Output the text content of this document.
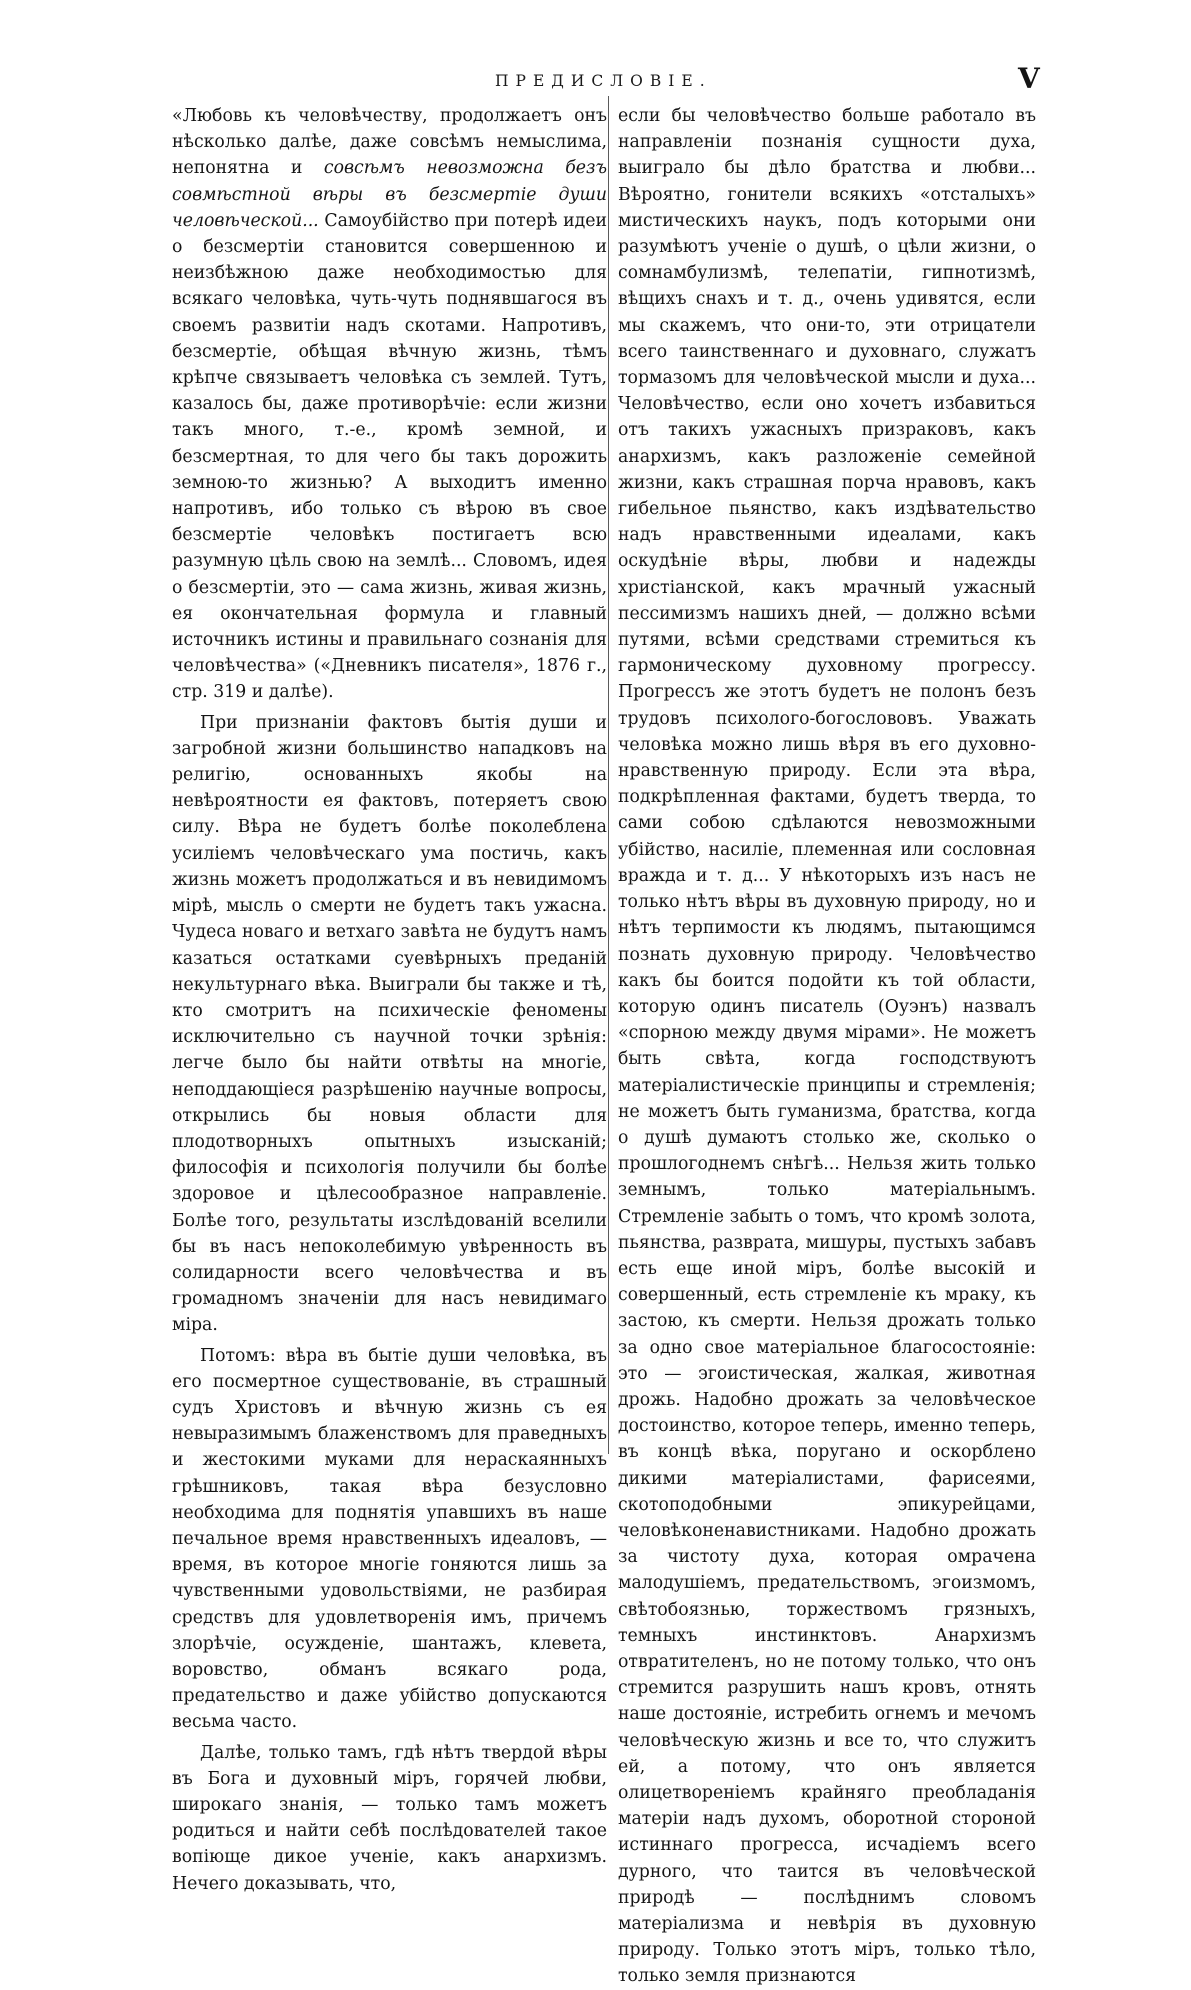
ПРЕДИСЛОВІЕ.	V

«Любовь къ человѣчеству, продолжаетъ онъ нѣсколько далѣе, даже совсѣмъ немыслима, непонятна и совсѣмъ невозможна безъ совмѣстной вѣры въ безсмертіе души человѣческой... Самоубійство при потерѣ идеи о безсмертіи становится совершенною и неизбѣжною даже необходимостью для всякаго человѣка, чуть-чуть поднявшагося въ своемъ развитіи надъ скотами. Напротивъ, безсмертіе, обѣщая вѣчную жизнь, тѣмъ крѣпче связываетъ человѣка съ землей. Тутъ, казалось бы, даже противорѣчіе: если жизни такъ много, т.-е., кромѣ земной, и безсмертная, то для чего бы такъ дорожить земною-то жизнью? А выходитъ именно напротивъ, ибо только съ вѣрою въ свое безсмертіе человѣкъ постигаетъ всю разумную цѣль свою на землѣ... Словомъ, идея о безсмертіи, это — сама жизнь, живая жизнь, ея окончательная формула и главный источникъ истины и правильнаго сознанія для человѣчества» («Дневникъ писателя», 1876 г., стр. 319 и далѣе).

При признаніи фактовъ бытія души и загробной жизни большинство нападковъ на религію, основанныхъ якобы на невѣроятности ея фактовъ, потеряетъ свою силу. Вѣра не будетъ болѣе поколеблена усиліемъ человѣческаго ума постичь, какъ жизнь можетъ продолжаться и въ невидимомъ мірѣ, мысль о смерти не будетъ такъ ужасна. Чудеса новаго и ветхаго завѣта не будутъ намъ казаться остатками суевѣрныхъ преданій некультурнаго вѣка. Выиграли бы также и тѣ, кто смотритъ на психическіе феномены исключительно съ научной точки зрѣнія: легче было бы найти отвѣты на многіе, неподдающіеся разрѣшенію научные вопросы, открылись бы новыя области для плодотворныхъ опытныхъ изысканій; философія и психологія получили бы болѣе здоровое и цѣлесообразное направленіе. Болѣе того, результаты изслѣдованій вселили бы въ насъ непоколебимую увѣренность въ солидарности всего человѣчества и въ громадномъ значеніи для насъ невидимаго міра.

Потомъ: вѣра въ бытіе души человѣка, въ его посмертное существованіе, въ страшный судъ Христовъ и вѣчную жизнь съ ея невыразимымъ блаженствомъ для праведныхъ и жестокими муками для нераскаянныхъ грѣшниковъ, такая вѣра безусловно необходима для поднятія упавшихъ въ наше печальное время нравственныхъ идеаловъ, — время, въ которое многіе гоняются лишь за чувственными удовольствіями, не разбирая средствъ для удовлетворенія имъ, причемъ злорѣчіе, осужденіе, шантажъ, клевета, воровство, обманъ всякаго рода, предательство и даже убійство допускаются весьма часто.

Далѣе, только тамъ, гдѣ нѣтъ твердой вѣры въ Бога и духовный міръ, горячей любви, широкаго знанія, — только тамъ можетъ родиться и найти себѣ послѣдователей такое вопіюще дикое ученіе, какъ анархизмъ. Нечего доказывать, что,

если бы человѣчество больше работало въ направленіи познанія сущности духа, выиграло бы дѣло братства и любви... Вѣроятно, гонители всякихъ «отсталыхъ» мистическихъ наукъ, подъ которыми они разумѣютъ ученіе о душѣ, о цѣли жизни, о сомнамбулизмѣ, телепатіи, гипнотизмѣ, вѣщихъ снахъ и т. д., очень удивятся, если мы скажемъ, что они-то, эти отрицатели всего таинственнаго и духовнаго, служатъ тормазомъ для человѣческой мысли и духа... Человѣчество, если оно хочетъ избавиться отъ такихъ ужасныхъ призраковъ, какъ анархизмъ, какъ разложеніе семейной жизни, какъ страшная порча нравовъ, какъ гибельное пьянство, какъ издѣвательство надъ нравственными идеалами, какъ оскудѣніе вѣры, любви и надежды христіанской, какъ мрачный ужасный пессимизмъ нашихъ дней, — должно всѣми путями, всѣми средствами стремиться къ гармоническому духовному прогрессу. Прогрессъ же этотъ будетъ не полонъ безъ трудовъ психолого-богослововъ. Уважать человѣка можно лишь вѣря въ его духовно-нравственную природу. Если эта вѣра, подкрѣпленная фактами, будетъ тверда, то сами собою сдѣлаются невозможными убійство, насиліе, племенная или сословная вражда и т. д... У нѣкоторыхъ изъ насъ не только нѣтъ вѣры въ духовную природу, но и нѣтъ терпимости къ людямъ, пытающимся познать духовную природу. Человѣчество какъ бы боится подойти къ той области, которую одинъ писатель (Оуэнъ) назвалъ «спорною между двумя мірами». Не можетъ быть свѣта, когда господствуютъ матеріалистическіе принципы и стремленія; не можетъ быть гуманизма, братства, когда о душѣ думаютъ столько же, сколько о прошлогоднемъ снѣгѣ... Нельзя жить только земнымъ, только матеріальнымъ. Стремленіе забыть о томъ, что кромѣ золота, пьянства, разврата, мишуры, пустыхъ забавъ есть еще иной міръ, болѣе высокій и совершенный, есть стремленіе къ мраку, къ застою, къ смерти. Нельзя дрожать только за одно свое матеріальное благосостояніе: это — эгоистическая, жалкая, животная дрожь. Надобно дрожать за человѣческое достоинство, которое теперь, именно теперь, въ концѣ вѣка, поругано и оскорблено дикими матеріалистами, фарисеями, скотоподобными эпикурейцами, человѣконенавистниками. Надобно дрожать за чистоту духа, которая омрачена малодушіемъ, предательствомъ, эгоизмомъ, свѣтобоязнью, торжествомъ грязныхъ, темныхъ инстинктовъ. Анархизмъ отвратителенъ, но не потому только, что онъ стремится разрушить нашъ кровъ, отнять наше достояніе, истребить огнемъ и мечомъ человѣческую жизнь и все то, что служитъ ей, а потому, что онъ является олицетвореніемъ крайняго преобладанія матеріи надъ духомъ, оборотной стороной истиннаго прогресса, исчадіемъ всего дурного, что таится въ человѣческой природѣ — послѣднимъ словомъ матеріализма и невѣрія въ духовную природу. Только этотъ міръ, только тѣло, только земля признаются
